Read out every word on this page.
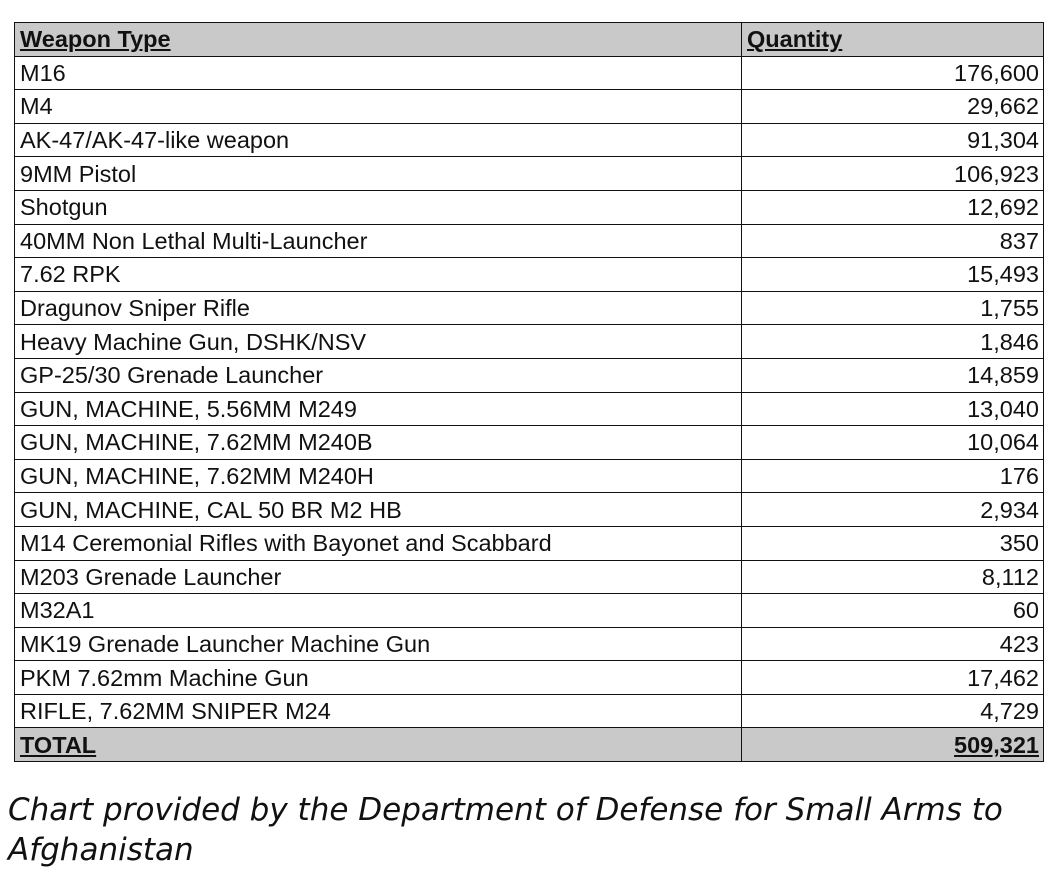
Weapon Type	Quantity
M16	176,600
M4	29,662
AK-47/AK-47-like weapon	91,304
9MM Pistol	106,923
Shotgun	12,692
40MM Non Lethal Multi-Launcher	837
7.62 RPK	15,493
Dragunov Sniper Rifle	1,755
Heavy Machine Gun, DSHK/NSV	1,846
GP-25/30 Grenade Launcher	14,859
GUN, MACHINE, 5.56MM M249	13,040
GUN, MACHINE, 7.62MM M240B	10,064
GUN, MACHINE, 7.62MM M240H	176
GUN, MACHINE, CAL 50 BR M2 HB	2,934
M14 Ceremonial Rifles with Bayonet and Scabbard	350
M203 Grenade Launcher	8,112
M32A1	60
MK19 Grenade Launcher Machine Gun	423
PKM 7.62mm Machine Gun	17,462
RIFLE, 7.62MM SNIPER M24	4,729
TOTAL	509,321
Chart provided by the Department of Defense for Small Arms to Afghanistan
